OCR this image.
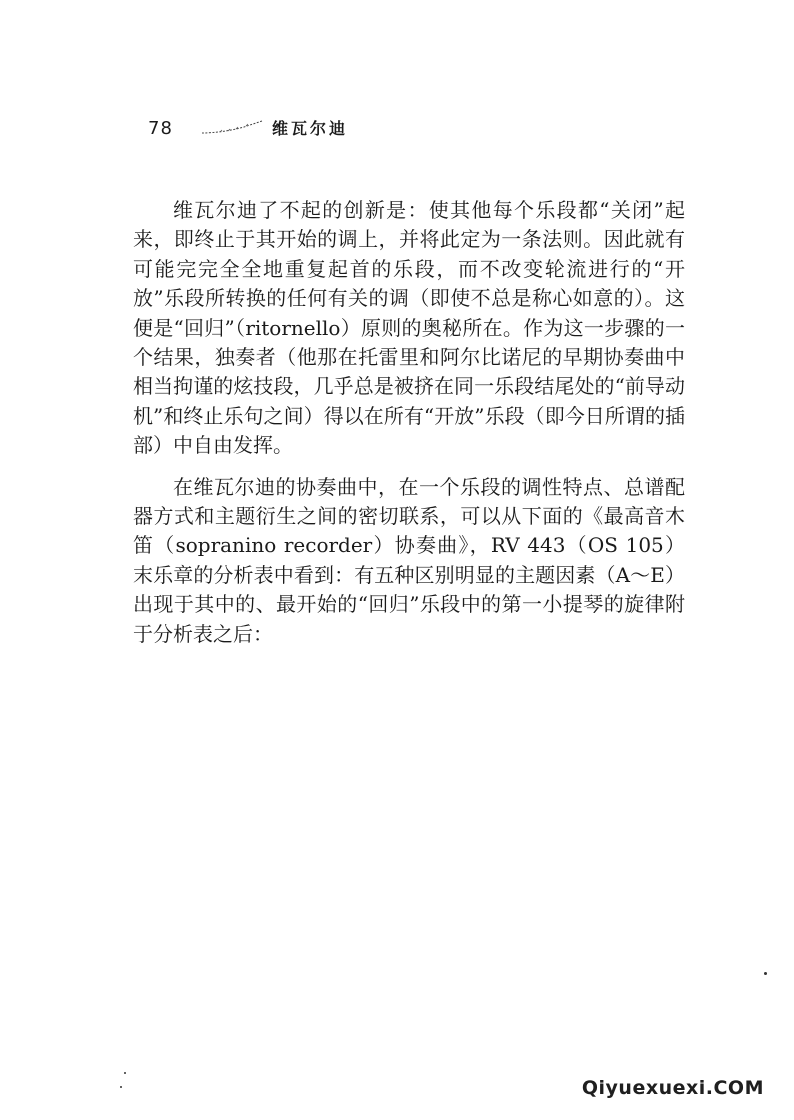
78	维瓦尔迪

维瓦尔迪了不起的创新是：使其他每个乐段都“关闭”起来，即终止于其开始的调上，并将此定为一条法则。因此就有可能完完全全地重复起首的乐段，而不改变轮流进行的“开放”乐段所转换的任何有关的调（即使不总是称心如意的）。这便是“回归”（ritornello）原则的奥秘所在。作为这一步骤的一个结果，独奏者（他那在托雷里和阿尔比诺尼的早期协奏曲中相当拘谨的炫技段，几乎总是被挤在同一乐段结尾处的“前导动机”和终止乐句之间）得以在所有“开放”乐段（即今日所谓的插部）中自由发挥。

在维瓦尔迪的协奏曲中，在一个乐段的调性特点、总谱配器方式和主题衍生之间的密切联系，可以从下面的《最高音木笛（sopranino recorder）协奏曲》，RV 443（OS 105）末乐章的分析表中看到：有五种区别明显的主题因素（A～E）出现于其中的、最开始的“回归”乐段中的第一小提琴的旋律附于分析表之后：

Qiyuexuexi.COM
